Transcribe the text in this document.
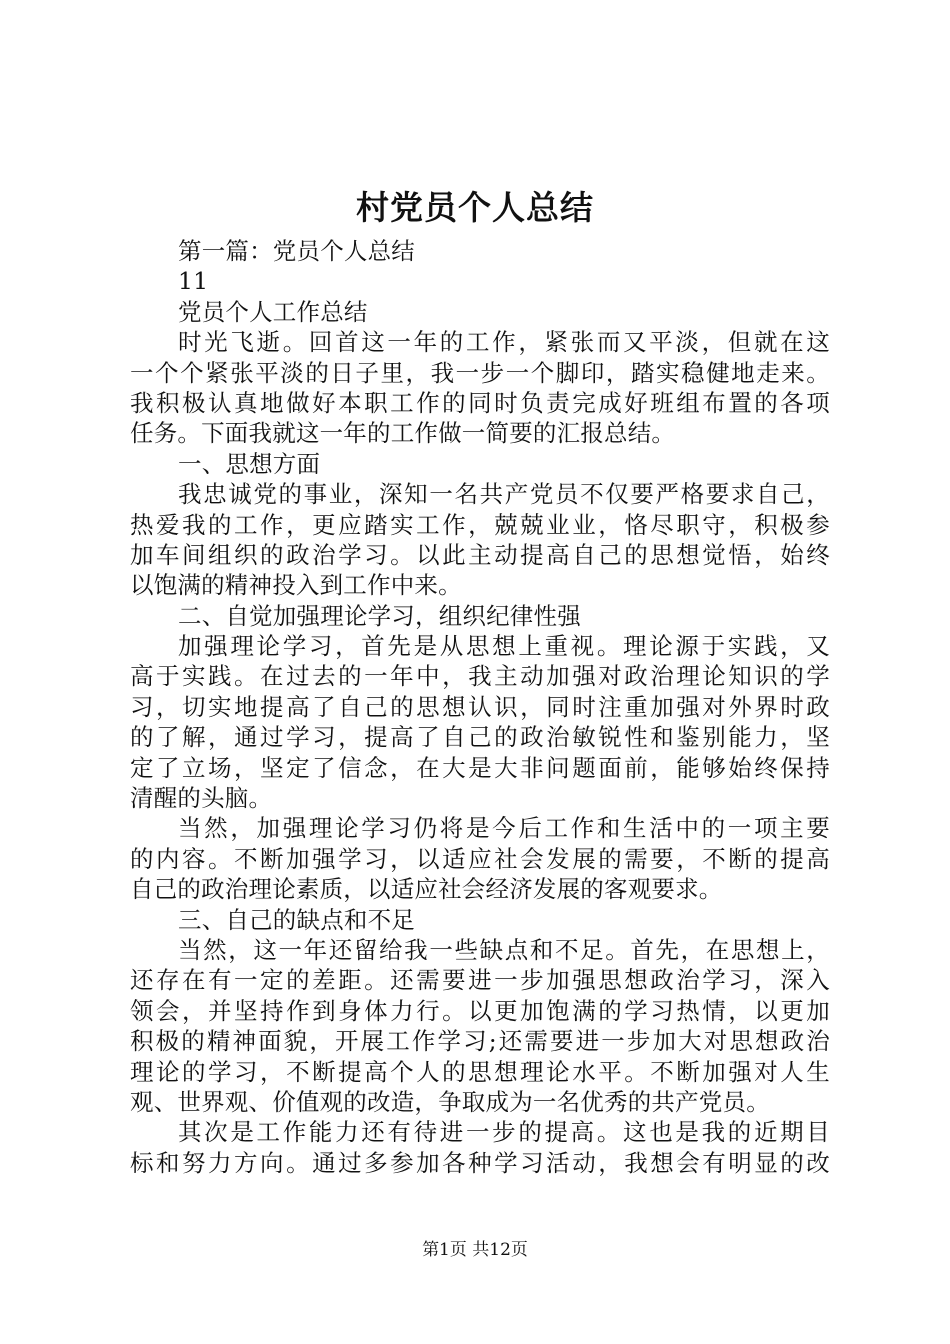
村党员个人总结
第一篇：党员个人总结
11
党员个人工作总结
时光飞逝。回首这一年的工作，紧张而又平淡，但就在这
一个个紧张平淡的日子里，我一步一个脚印，踏实稳健地走来。
我积极认真地做好本职工作的同时负责完成好班组布置的各项
任务。下面我就这一年的工作做一简要的汇报总结。
一、思想方面
我忠诚党的事业，深知一名共产党员不仅要严格要求自己，
热爱我的工作，更应踏实工作，兢兢业业，恪尽职守，积极参
加车间组织的政治学习。以此主动提高自己的思想觉悟，始终
以饱满的精神投入到工作中来。
二、自觉加强理论学习，组织纪律性强
加强理论学习，首先是从思想上重视。理论源于实践，又
高于实践。在过去的一年中，我主动加强对政治理论知识的学
习，切实地提高了自己的思想认识，同时注重加强对外界时政
的了解，通过学习，提高了自己的政治敏锐性和鉴别能力，坚
定了立场，坚定了信念，在大是大非问题面前，能够始终保持
清醒的头脑。
当然，加强理论学习仍将是今后工作和生活中的一项主要
的内容。不断加强学习，以适应社会发展的需要，不断的提高
自己的政治理论素质，以适应社会经济发展的客观要求。
三、自己的缺点和不足
当然，这一年还留给我一些缺点和不足。首先，在思想上，
还存在有一定的差距。还需要进一步加强思想政治学习，深入
领会，并坚持作到身体力行。以更加饱满的学习热情，以更加
积极的精神面貌，开展工作学习;还需要进一步加大对思想政治
理论的学习，不断提高个人的思想理论水平。不断加强对人生
观、世界观、价值观的改造，争取成为一名优秀的共产党员。
其次是工作能力还有待进一步的提高。这也是我的近期目
标和努力方向。通过多参加各种学习活动，我想会有明显的改
第1页 共12页
